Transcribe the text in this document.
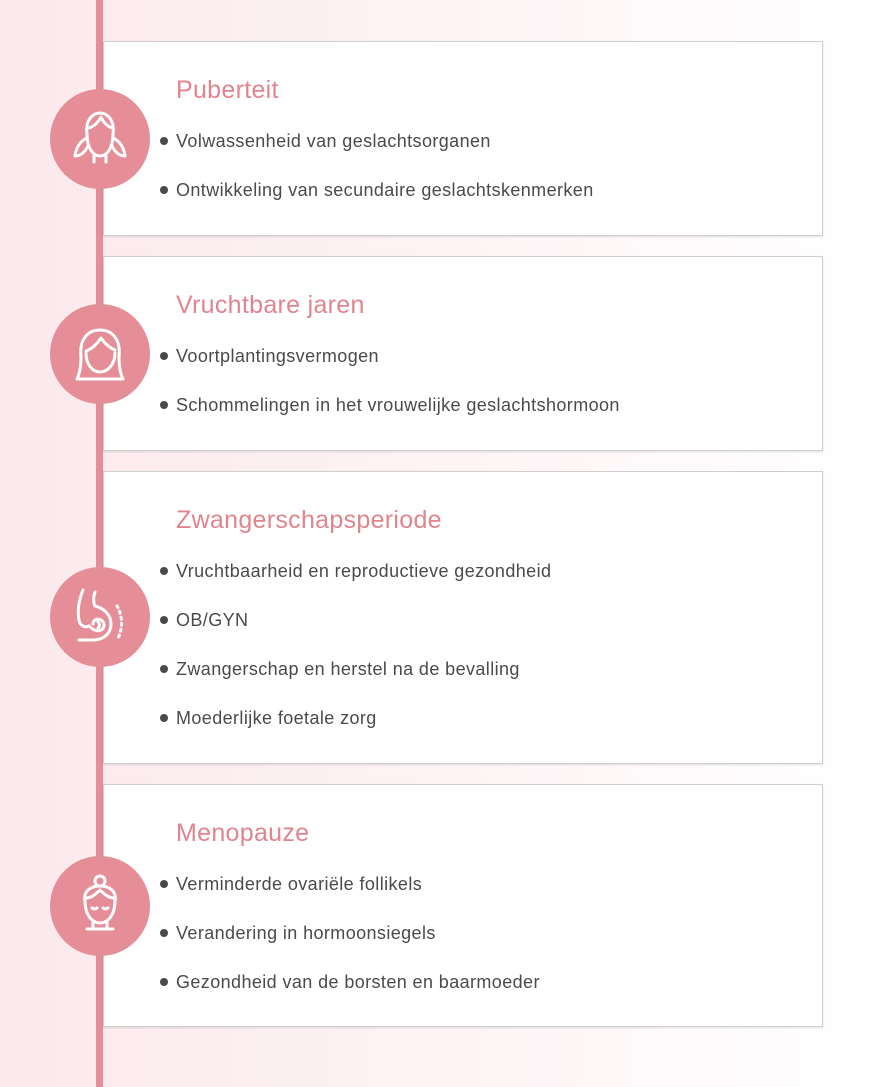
Puberteit
Volwassenheid van geslachtsorganen
Ontwikkeling van secundaire geslachtskenmerken
Vruchtbare jaren
Voortplantingsvermogen
Schommelingen in het vrouwelijke geslachtshormoon
Zwangerschapsperiode
Vruchtbaarheid en reproductieve gezondheid
OB/GYN
Zwangerschap en herstel na de bevalling
Moederlijke foetale zorg
Menopauze
Verminderde ovariële follikels
Verandering in hormoonsiegels
Gezondheid van de borsten en baarmoeder
